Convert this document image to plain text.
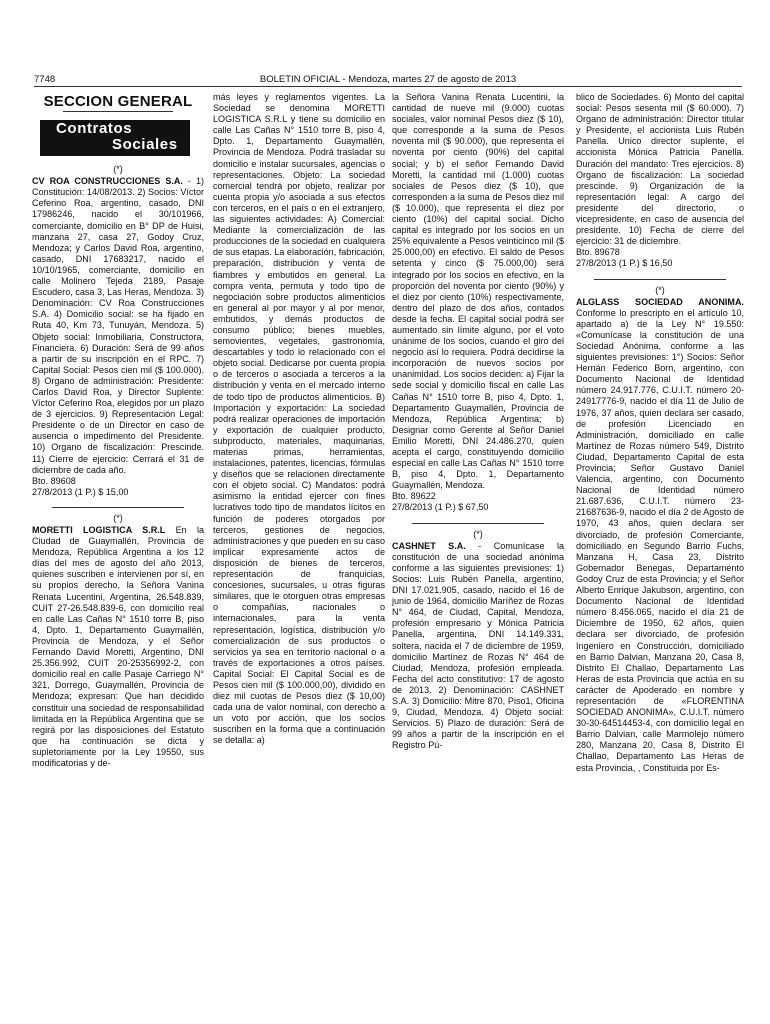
7748	BOLETIN OFICIAL - Mendoza, martes 27 de agosto de 2013
SECCION GENERAL
Contratos
Sociales
(*)

CV ROA CONSTRUCCIONES S.A. - 1) Constitución: 14/08/2013. 2) Socios: Víctor Ceferino Roa, argentino, casado, DNI 17986246, nacido el 30/101966, comerciante, domicilio en B° DP de Huisi, manzana 27, casa 27, Godoy Cruz, Mendoza; y Carlos David Roa, argentino, casado, DNI 17683217, nacido el 10/10/1965, comerciante, domicilio en calle Molinero Tejeda 2189, Pasaje Escudero, casa 3, Las Heras, Mendoza. 3) Denominación: CV Roa Construcciones S.A. 4) Domicilio social: se ha fijado en Ruta 40, Km 73, Tunuyán, Mendoza. 5) Objeto social: Inmobiliaria, Constructora, Financiera. 6) Duración: Será de 99 años a partir de su inscripción en el RPC. 7) Capital Social: Pesos cien mil ($ 100.000). 8) Organo de administración: Presidente: Carlos David Roa, y Director Suplente: Víctor Ceferino Roa, elegidos por un plazo de 3 ejercicios. 9) Representación Legal: Presidente o de un Director en caso de ausencia o impedimento del Presidente. 10) Organo de fiscalización: Prescinde. 11) Cierre de ejercicio: Cerrará el 31 de diciembre de cada año.

Bto. 89608
27/8/2013 (1 P.) $ 15,00
(*)

MORETTI LOGISTICA S.R.L En la Ciudad de Guaymallén, Provincia de Mendoza, República Argentina a los 12 días del mes de agosto del año 2013, quienes suscriben e intervienen por sí, en su propios derecho, la Señora Vanina Renata Lucentini, Argentina, 26.548.839, CUIT 27-26.548.839-6, con domicilio real en calle Las Cañas N° 1510 torre B, piso 4, Dpto. 1, Departamento Guaymallén, Provincia de Mendoza, y el Señor Fernando David Moretti, Argentino, DNI 25.356.992, CUIT 20-25356992-2, con domicilio real en calle Pasaje Carriego N° 321, Dorrego, Guaymallén, Provincia de Mendoza; expresan: Que han decidido constituir una sociedad de responsabilidad limitada en la República Argentina que se regirá por las disposiciones del Estatuto que ha continuación se dicta y supletoriamente por la Ley 19550, sus modificatorias y de-

más leyes y reglamentos vigentes. La Sociedad se denomina MORETTI LOGISTICA S.R.L y tiene su domicilio en calle Las Cañas N° 1510 torre B, piso 4, Dpto. 1, Departamento Guaymallén, Provincia de Mendoza. Podrá trasladar su domicilio e instalar sucursales, agencias o representaciones. Objeto: La sociedad comercial tendrá por objeto, realizar por cuenta propia y/o asociada a sus efectos con terceros, en el país o en el extranjero, las siguientes actividades: A) Comercial: Mediante la comercialización de las producciones de la sociedad en cualquiera de sus etapas. La elaboración, fabricación, preparación, distribución y venta de fiambres y embutidos en general. La compra venta, permuta y todo tipo de negociación sobre productos alimenticios en general al por mayor y al por menor, embutidos, y demás productos de consumo público; bienes muebles, semovientes, vegetales, gastronomía, descartables y todo lo relacionado con el objeto social. Dedicarse por cuenta propia o de terceros o asociada a terceros a la distribución y venta en el mercado interno de todo tipo de productos alimenticios. B) Importación y exportación: La sociedad podrá realizar operaciones de importación y exportación de cualquier producto, subproducto, materiales, maquinarias, materias primas, herramientas, instalaciones, patentes, licencias, fórmulas y diseños que se relacionen directamente con el objeto social. C) Mandatos: podrá asimismo la entidad ejercer con fines lucrativos todo tipo de mandatos lícitos en función de poderes otorgados por terceros, gestiones de negocios, administraciones y que pueden en su caso implicar expresamente actos de disposición de bienes de terceros, representación de franquicias, concesiones, sucursales, u otras figuras similares, que le otorguen otras empresas o compañías, nacionales o internacionales, para la venta representación, logística, distribución y/o comercialización de sus productos o servicios ya sea en territorio nacional o a través de exportaciones a otros países. Capital Social: El Capital Social es de Pesos cien mil ($ 100.000,00), dividido en diez mil cuotas de Pesos diez ($ 10,00) cada una de valor nominal, con derecho a un voto por acción, que los socios suscriben en la forma que a continuación se detalla: a)

la Señora Vanina Renata Lucentini, la cantidad de nueve mil (9.000) cuotas sociales, valor nominal Pesos diez ($ 10), que corresponde a la suma de Pesos noventa mil ($ 90.000), que representa el noventa por ciento (90%) del capital social; y b) el señor Fernando David Moretti, la cantidad mil (1.000) cuotas sociales de Pesos diez ($ 10), que corresponden a la suma de Pesos diez mil ($ 10.000), que representa el diez por ciento (10%) del capital social. Dicho capital es integrado por los socios en un 25% equivalente a Pesos veinticinco mil ($ 25.000,00) en efectivo. El saldo de Pesos setenta y cinco ($ 75.000,00) será integrado por los socios en efectivo, en la proporción del noventa por ciento (90%) y el diez por ciento (10%) respectivamente, dentro del plazo de dos años, contados desde la fecha. El capital social podrá ser aumentado sin límite alguno, por el voto unánime de los socios, cuando el giro del negocio así lo requiera. Podrá decidirse la incorporación de nuevos socios por unanimidad. Los socios deciden: a) Fijar la sede social y domicilio fiscal en calle Las Cañas N° 1510 torre B, piso 4, Dpto. 1, Departamento Guaymallén, Provincia de Mendoza, República Argentina; b) Designar como Gerente al Señor Daniel Emilio Moretti, DNI 24.486.270, quien acepta el cargo, constituyendo domicilio especial en calle Las Cañas N° 1510 torre B, piso 4, Dpto. 1, Departamento Guaymallén, Mendoza.

Bto. 89622
27/8/2013 (1 P.) $ 67,50
(*)

CASHNET S.A. - Comunícase la constitución de una sociedad anónima conforme a las siguientes previsiones: 1) Socios: Luis Rubén Panella, argentino, DNI 17.021.905, casado, nacido el 16 de junio de 1964, domicilio Maríñez de Rozas N° 464, de Ciudad, Capital, Mendoza, profesión empresario y Mónica Patricia Panella, argentina, DNI 14.149.331, soltera, nacida el 7 de diciembre de 1959, domicilio Martínez de Rozas N° 464 de Ciudad, Mendoza, profesión empleada. Fecha del acto constitutivo: 17 de agosto de 2013. 2) Denominación: CASHNET S.A. 3) Domicilio: Mitre 870, Piso1, Oficina 9, Ciudad, Mendoza. 4) Objeto social: Servicios. 5) Plazo de duración: Será de 99 años a partir de la inscripción en el Registro Pú-

blico de Sociedades. 6) Monto del capital social: Pesos sesenta mil ($ 60.000). 7) Organo de administración: Director titular y Presidente, el accionista Luis Rubén Panella. Unico director suplente, el accionista Mónica Patricia Panella. Duración del mandato: Tres ejercicios. 8) Organo de fiscalización: La sociedad prescinde. 9) Organización de la representación legal: A cargo del presidente del directorio, o vicepresidente, en caso de ausencia del presidente. 10) Fecha de cierre del ejercicio: 31 de diciembre.

Bto. 89678
27/8/2013 (1 P.) $ 16,50
(*)

ALGLASS SOCIEDAD ANONIMA. Conforme lo prescripto en el artículo 10, apartado a) de la Ley N° 19.550: «Comunícase la constitución de una Sociedad Anónima, conforme a las siguientes previsiones: 1°) Socios: Señor Hernán Federico Born, argentino, con Documento Nacional de Identidad número 24.917.776, C.U.I.T. número 20-24917776-9, nacido el día 11 de Julio de 1976, 37 años, quien declara ser casado, de profesión Licenciado en Administración, domiciliado en calle Martínez de Rozas número 549, Distrito Ciudad, Departamento Capital de esta Provincia; Señor Gustavo Daniel Valencia, argentino, con Documento Nacional de Identidad número 21.687.636, C.U.I.T. número 23-21687636-9, nacido el día 2 de Agosto de 1970, 43 años, quien declara ser divorciado, de profesión Comerciante, domiciliado en Segundo Barrio Fuchs, Manzana H, Casa 23, Distrito Gobernador Benegas, Departamento Godoy Cruz de esta Provincia; y el Señor Alberto Enrique Jakubson, argentino, con Documento Nacional de Identidad número 8.456.065, nacido el día 21 de Diciembre de 1950, 62 años, quien declara ser divorciado, de profesión Ingeniero en Construcción, domiciliado en Barrio Dalvian, Manzana 20, Casa 8, Distrito El Challao, Departamento Las Heras de esta Provincia que actúa en su carácter de Apoderado en nombre y representación de «FLORENTINA SOCIEDAD ANONIMA», C.U.I.T. número 30-30-64514453-4, con domicilio legal en Barrio Dalvian, calle Marmolejo número 280, Manzana 20, Casa 8, Distrito El Challao, Departamento Las Heras de esta Provincia, , Constituida por Es-
